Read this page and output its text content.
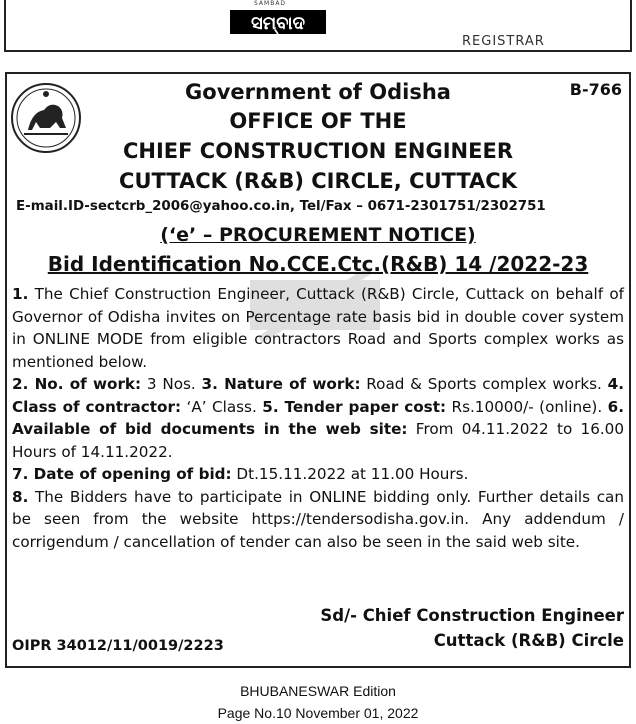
SAMBAD
ସମ୍ବାଦ
REGISTRAR
B-766
Government of Odisha
OFFICE OF THE
CHIEF CONSTRUCTION ENGINEER
CUTTACK (R&B) CIRCLE, CUTTACK
E-mail.ID-sectcrb_2006@yahoo.co.in, Tel/Fax – 0671-2301751/2302751
(‘e’ – PROCUREMENT NOTICE)
Bid Identification No.CCE.Ctc.(R&B) 14 /2022-23
1. The Chief Construction Engineer, Cuttack (R&B) Circle, Cuttack on behalf of Governor of Odisha invites on Percentage rate basis bid in double cover system in ONLINE MODE from eligible contractors Road and Sports complex works as mentioned below.
2. No. of work: 3 Nos. 3. Nature of work: Road & Sports complex works. 4. Class of contractor: ‘A’ Class. 5. Tender paper cost: Rs.10000/- (online). 6. Available of bid documents in the web site: From 04.11.2022 to 16.00 Hours of 14.11.2022.
7. Date of opening of bid: Dt.15.11.2022 at 11.00 Hours.
8. The Bidders have to participate in ONLINE bidding only. Further details can be seen from the website https://tendersodisha.gov.in. Any addendum / corrigendum / cancellation of tender can also be seen in the said web site.
Sd/- Chief Construction Engineer
Cuttack (R&B) Circle
OIPR 34012/11/0019/2223
BHUBANESWAR Edition
Page No.10 November 01, 2022
